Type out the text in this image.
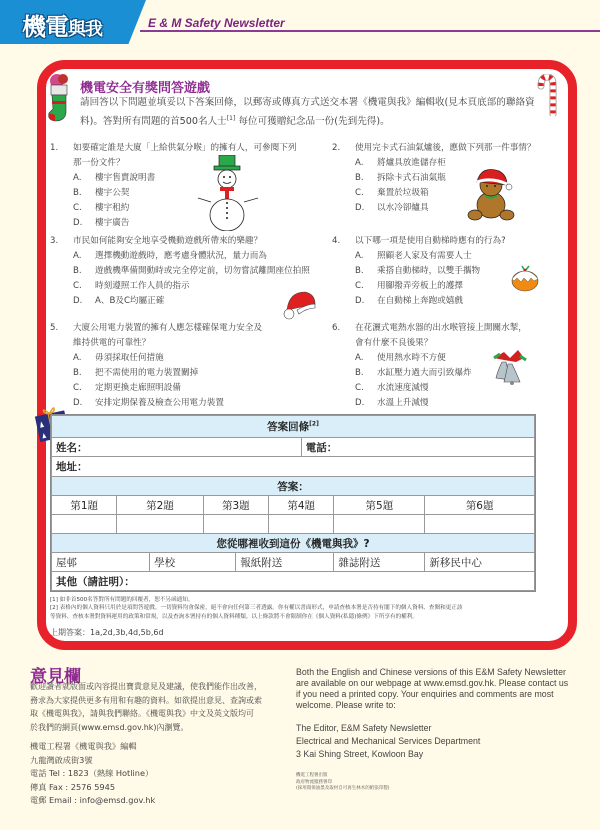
機電與我	E & M Safety Newsletter
機電安全有獎問答遊戲
請回答以下問題並填妥以下答案回條，以郵寄或傳真方式送交本署《機電與我》編輯收(見本頁底部的聯絡資
料)。答對所有問題的首500名人士[1] 每位可獲贈紀念品一份(先到先得)。
1. 如要確定誰是大廈「上給供氣分喉」的擁有人，可參閱下列
那一份文件？
A. 樓宇售賣說明書
B. 樓宇公契
C. 樓宇租約
D. 樓宇廣告
2. 使用完卡式石油氣爐後，應做下列那一件事情？
A. 將爐具放進儲存柜
B. 拆除卡式石油氣瓶
C. 棄置於垃圾箱
D. 以水冷卻爐具
3. 市民如何能夠安全地享受機動遊戲所帶來的樂趣？
A. 選擇機動遊戲時，應考慮身體狀況，量力而為
B. 遊戲機準備開動時或完全停定前，切勿嘗試離開座位拍照
C. 時刻遵照工作人員的指示
D. A、B及C均屬正確
4. 以下哪一項是使用自動梯時應有的行為?
A. 照顧老人家及有需要人士
B. 乘搭自動梯時，以雙手攜物
C. 用腳撥弄旁板上的護擇
D. 在自動梯上奔跑或嬉戲
5. 大廈公用電力裝置的擁有人應怎樣確保電力安全及
維持供電的可靠性？
A. 毋須採取任何措施
B. 把不需使用的電力裝置關掉
C. 定期更換走廊照明設備
D. 安排定期保養及檢查公用電力裝置
6. 在花灑式電熱水器的出水喉管接上開關水掣，
會有什麼不良後果？
A. 使用熱水時不方便
B. 水缸壓力過大而引致爆炸
C. 水流速度減慢
D. 水溫上升減慢
答案回條[2]
姓名：						電話：		
地址：								
答案：								
第1題	第2題		第3題		第4題		第5題	第6題

您從哪裡收到這份《機電與我》?								
屋邨		學校		報紙附送			雜誌附送	新移民中心
其他（請註明）：								
[1] 如非首500名答對所有問題的回覆者，恕不另函通知。
[2] 表格內的個人資料只用於是項問答遊戲。一切資料均會保密，絕不會向任何第三者透露。你有權以書面形式，申請查核本署是否持有閣下的個人資料、查閱和更正該
等資料、查核本署對資料運用的政策和常規，以及查詢本署持有的個人資料種類。以上條款將不會限制你在《個人資料(私隱)條例》下所享有的權利。
上期答案：1a,2d,3b,4d,5b,6d
意見欄
歡迎讀者就版面或內容提出寶貴意見及建議，使我們能作出改善，
務求為大家提供更多有用和有趣的資料。如欲提出意見、查詢或索
取《機電與我》，請與我們聯絡。《機電與我》中文及英文版均可
於我們的網頁(www.emsd.gov.hk)內瀏覽。
機電工程署《機電與我》編輯
九龍灣啟成街3號
電話 Tel : 1823（熱線 Hotline）
傳真 Fax : 2576 5945
電郵 Email : info@emsd.gov.hk
Both the English and Chinese versions of this E&M Safety Newsletter
are available on our webpage at www.emsd.gov.hk. Please contact us
if you need a printed copy. Your enquiries and comments are most
welcome. Please write to:
The Editor, E&M Safety Newsletter
Electrical and Mechanical Services Department
3 Kai Shing Street, Kowloon Bay
機電工程署出版
政府物流服務署印
(採用環保油墨及取材自可再生林木的紙張印製)
